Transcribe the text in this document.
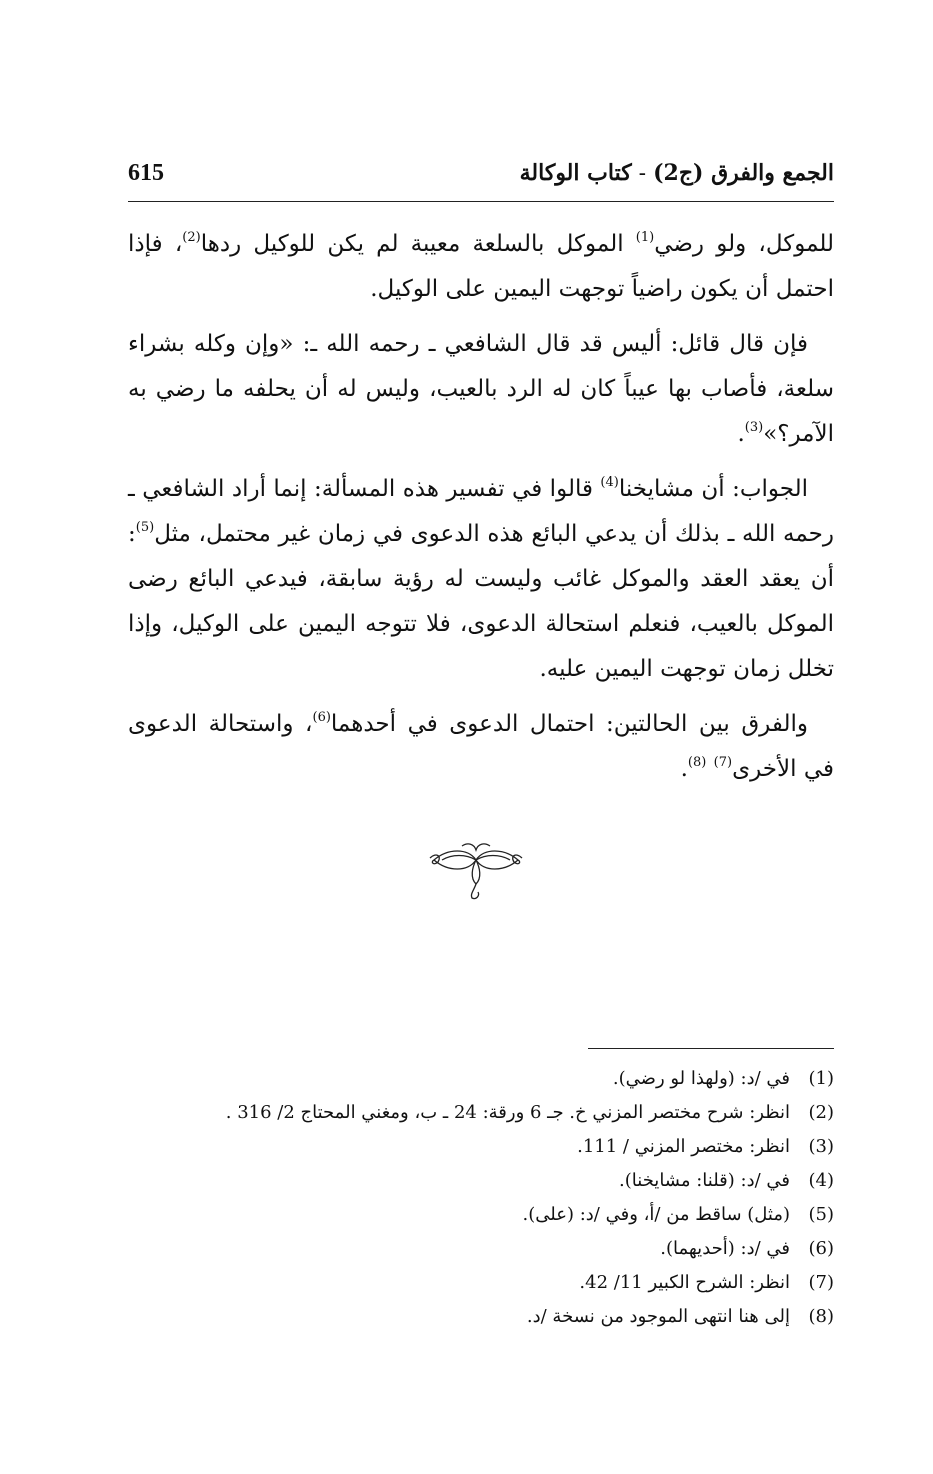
الجمع والفرق (ج2) - كتاب الوكالة
615

للموكل، ولو رضي$^{(1)}$ الموكل بالسلعة معيبة لم يكن للوكيل ردها$^{(2)}$، فإذا احتمل أن يكون راضياً توجهت اليمين على الوكيل.

فإن قال قائل: أليس قد قال الشافعي ـ رحمه الله ـ: «وإن وكله بشراء سلعة، فأصاب بها عيباً كان له الرد بالعيب، وليس له أن يحلفه ما رضي به الآمر؟»$^{(3)}$.

الجواب: أن مشايخنا$^{(4)}$ قالوا في تفسير هذه المسألة: إنما أراد الشافعي ـ رحمه الله ـ بذلك أن يدعي البائع هذه الدعوى في زمان غير محتمل، مثل$^{(5)}$: أن يعقد العقد والموكل غائب وليست له رؤية سابقة، فيدعي البائع رضى الموكل بالعيب، فنعلم استحالة الدعوى، فلا تتوجه اليمين على الوكيل، وإذا تخلل زمان توجهت اليمين عليه.

والفرق بين الحالتين: احتمال الدعوى في أحدهما$^{(6)}$، واستحالة الدعوى في الأخرى$^{(7)}$ $^{(8)}$.

(1)في /د: (ولهذا لو رضي).
(2)انظر: شرح مختصر المزني خ. جـ 6 ورقة: 24 ـ ب، ومغني المحتاج 2/ 316 .
(3)انظر: مختصر المزني / 111.
(4)في /د: (قلنا: مشايخنا).
(5)(مثل) ساقط من /أ، وفي /د: (على).
(6)في /د: (أحديهما).
(7)انظر: الشرح الكبير 11/ 42.
(8)إلى هنا انتهى الموجود من نسخة /د.
